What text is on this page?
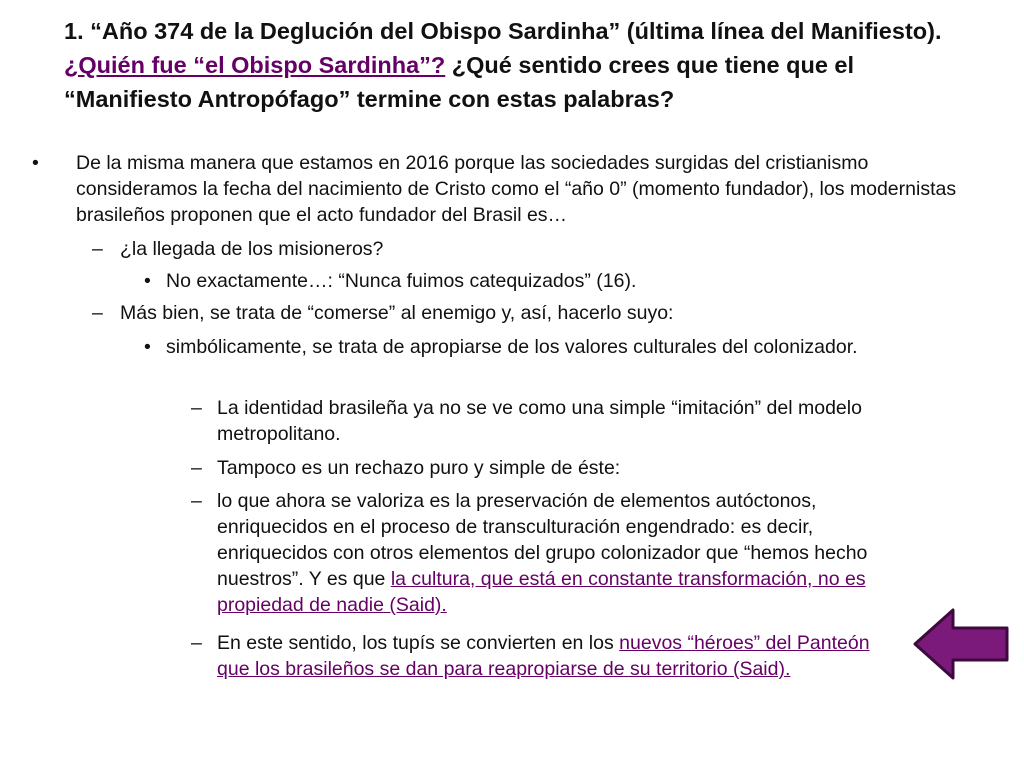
1. “Año 374 de la Deglución del Obispo Sardinha” (última línea del Manifiesto). ¿Quién fue “el Obispo Sardinha”? ¿Qué sentido crees que tiene que el “Manifiesto Antropófago” termine con estas palabras?
• De la misma manera que estamos en 2016 porque las sociedades surgidas del cristianismo consideramos la fecha del nacimiento de Cristo como el “año 0” (momento fundador), los modernistas brasileños proponen que el acto fundador del Brasil es…
– ¿la llegada de los misioneros?
• No exactamente…: “Nunca fuimos catequizados” (16).
– Más bien, se trata de “comerse” al enemigo y, así, hacerlo suyo:
• simbólicamente, se trata de apropiarse de los valores culturales del colonizador.
– La identidad brasileña ya no se ve como una simple “imitación” del modelo metropolitano.
– Tampoco es un rechazo puro y simple de éste:
– lo que ahora se valoriza es la preservación de elementos autóctonos, enriquecidos en el proceso de transculturación engendrado: es decir, enriquecidos con otros elementos del grupo colonizador que “hemos hecho nuestros”. Y es que la cultura, que está en constante transformación, no es propiedad de nadie (Said).
– En este sentido, los tupís se convierten en los nuevos “héroes” del Panteón que los brasileños se dan para reapropiarse de su territorio (Said).
